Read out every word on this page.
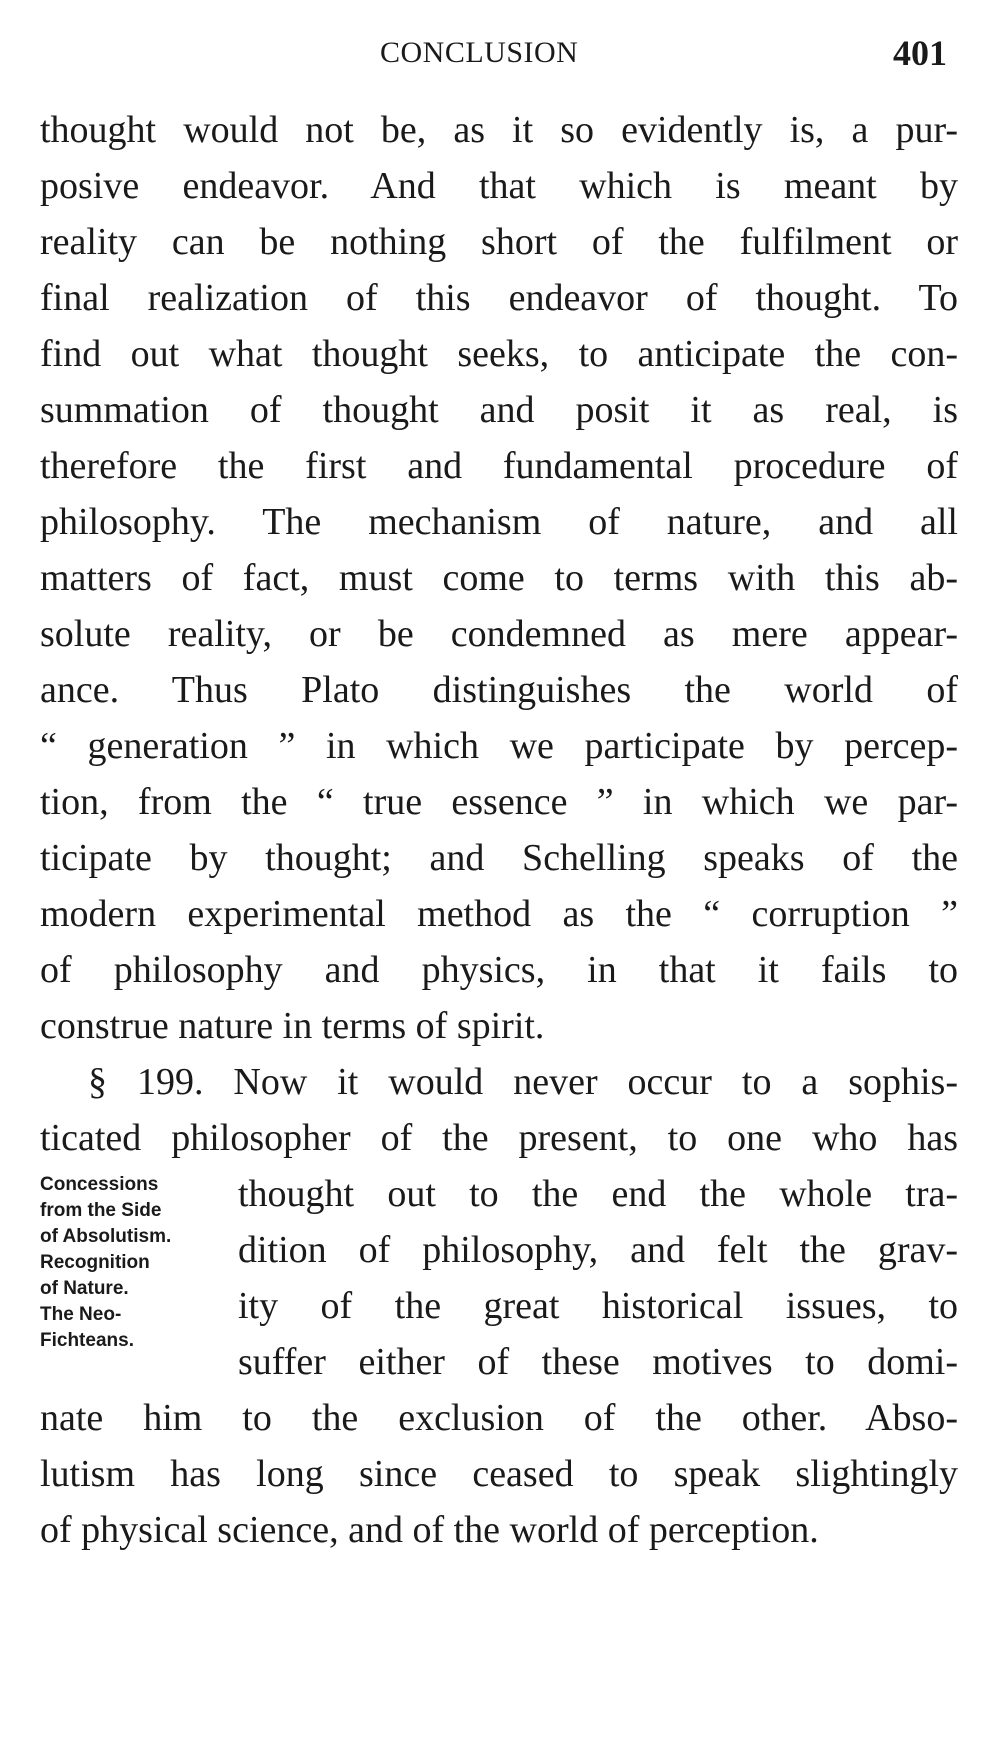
CONCLUSION	401
thought would not be, as it so evidently is, a pur-
posive endeavor. And that which is meant by
reality can be nothing short of the fulfilment or
final realization of this endeavor of thought. To
find out what thought seeks, to anticipate the con-
summation of thought and posit it as real, is
therefore the first and fundamental procedure of
philosophy. The mechanism of nature, and all
matters of fact, must come to terms with this ab-
solute reality, or be condemned as mere appear-
ance. Thus Plato distinguishes the world of
“ generation ” in which we participate by percep-
tion, from the “ true essence ” in which we par-
ticipate by thought; and Schelling speaks of the
modern experimental method as the “ corruption ”
of philosophy and physics, in that it fails to
construe nature in terms of spirit.
§ 199. Now it would never occur to a sophis-
ticated philosopher of the present, to one who has
thought out to the end the whole tra-
dition of philosophy, and felt the grav-
ity of the great historical issues, to
suffer either of these motives to domi-
nate him to the exclusion of the other. Abso-
lutism has long since ceased to speak slightingly
of physical science, and of the world of perception.
Concessions
from the Side
of Absolutism.
Recognition
of Nature.
The Neo-
Fichteans.
